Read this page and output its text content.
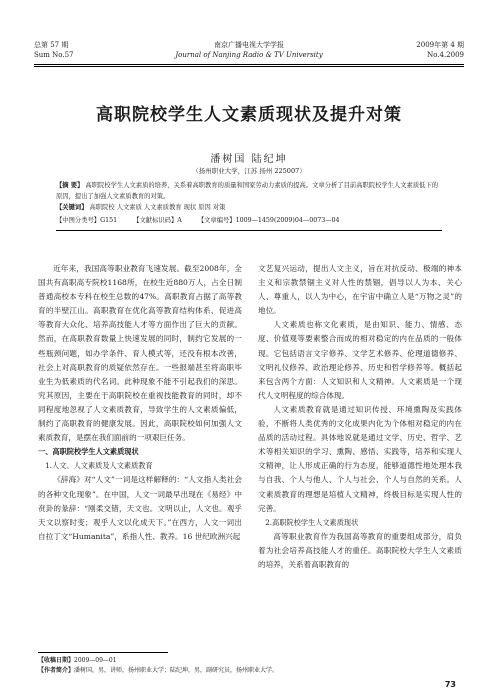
总第 57 期
Sum No.57
南京广播电视大学学报
Journal of Nanjing Radio & TV University
2009年第 4 期
No.4.2009
高职院校学生人文素质现状及提升对策
潘树国 陆纪坤
（扬州职业大学，江苏 扬州 225007）
【摘 要】 高职院校学生人文素质的培养，关系着高职教育的质量和国家劳动力素质的提高。文章分析了目前高职院校学生人文素质低下的原因，提出了加强人文素质教育的对策。
【关键词】 高职院校 人文素质 人文素质教育 现状 原因 对策
【中图分类号】G151	【文献标识码】A	【文章编号】1009—1459(2009)04—0073—04

近年来，我国高等职业教育飞速发展。截至2008年，全国共有高职高专院校1168所，在校生近880万人，占全日制普通高校本专科在校生总数的47%。高职教育占据了高等教育的半壁江山。高职教育在优化高等教育结构体系、促进高等教育大众化、培养高技能人才等方面作出了巨大的贡献。然而，在高职教育数量上快速发展的同时，制约它发展的一些瓶颈问题，如办学条件、育人模式等，还没有根本改善，社会上对高职教育的质疑依然存在。一些报端甚至将高职毕业生为低素质的代名词。此种现象不能不引起我们的深思。究其原因，主要在于高职院校在重视技能教育的同时，却不同程度地忽视了人文素质教育，导致学生的人文素质偏低，制约了高职教育的健康发展。因此，高职院校如何加强人文素质教育，是摆在我们面前的一项艰巨任务。

一、高职院校学生人文素质现状

1.人文、人文素质及人文素质教育

《辞海》对“人文”一词是这样解释的：“人文指人类社会的各种文化现象”。在中国，人文一词最早出现在《易经》中贲卦的彖辞：“刚柔交错，天文也。文明以止，人文也。观乎天文以察时变；观乎人文以化成天下。”在西方，人文一词出自拉丁文“Humanita”，系指人性、教养。16 世纪欧洲兴起

文艺复兴运动，提出人文主义，旨在对抗反动、极端的神本主义和宗教禁锢主义对人性的禁锢，倡导以人为本、关心人、尊重人，以人为中心，在宇宙中确立人是“万物之灵”的地位。

人文素质也称文化素质，是由知识、能力、情感、态度、价值观等要素整合而成的相对稳定的内在品质的一般体现。它包括语言文字修养、文学艺术修养、伦理道德修养、文明礼仪修养、政治理论修养、历史和哲学修养等。概括起来包含两个方面：人文知识和人文精神。人文素质是一个现代人文明程度的综合体现。

人文素质教育就是通过知识传授、环境熏陶及实践体验，不断将人类优秀的文化成果内化为个体相对稳定的内在品质的活动过程。具体地说就是通过文学、历史、哲学、艺术等相关知识的学习、熏陶、感悟、实践等，培养和实现人文精神，让人形成正确的行为态度，能够道德性地处理本我与自我、个人与他人、个人与社会、个人与自然的关系。人文素质教育的理想是培植人文精神，终极目标是实现人性的完善。

2.高职院校学生人文素质现状

高等职业教育作为我国高等教育的重要组成部分，肩负着为社会培养高技能人才的重任。高职院校大学生人文素质的培养，关系着高职教育的

【收稿日期】2009—09—01
【作者简介】潘树国，男，讲师，扬州职业大学；陆纪坤，男，副研究员，扬州职业大学。
73
